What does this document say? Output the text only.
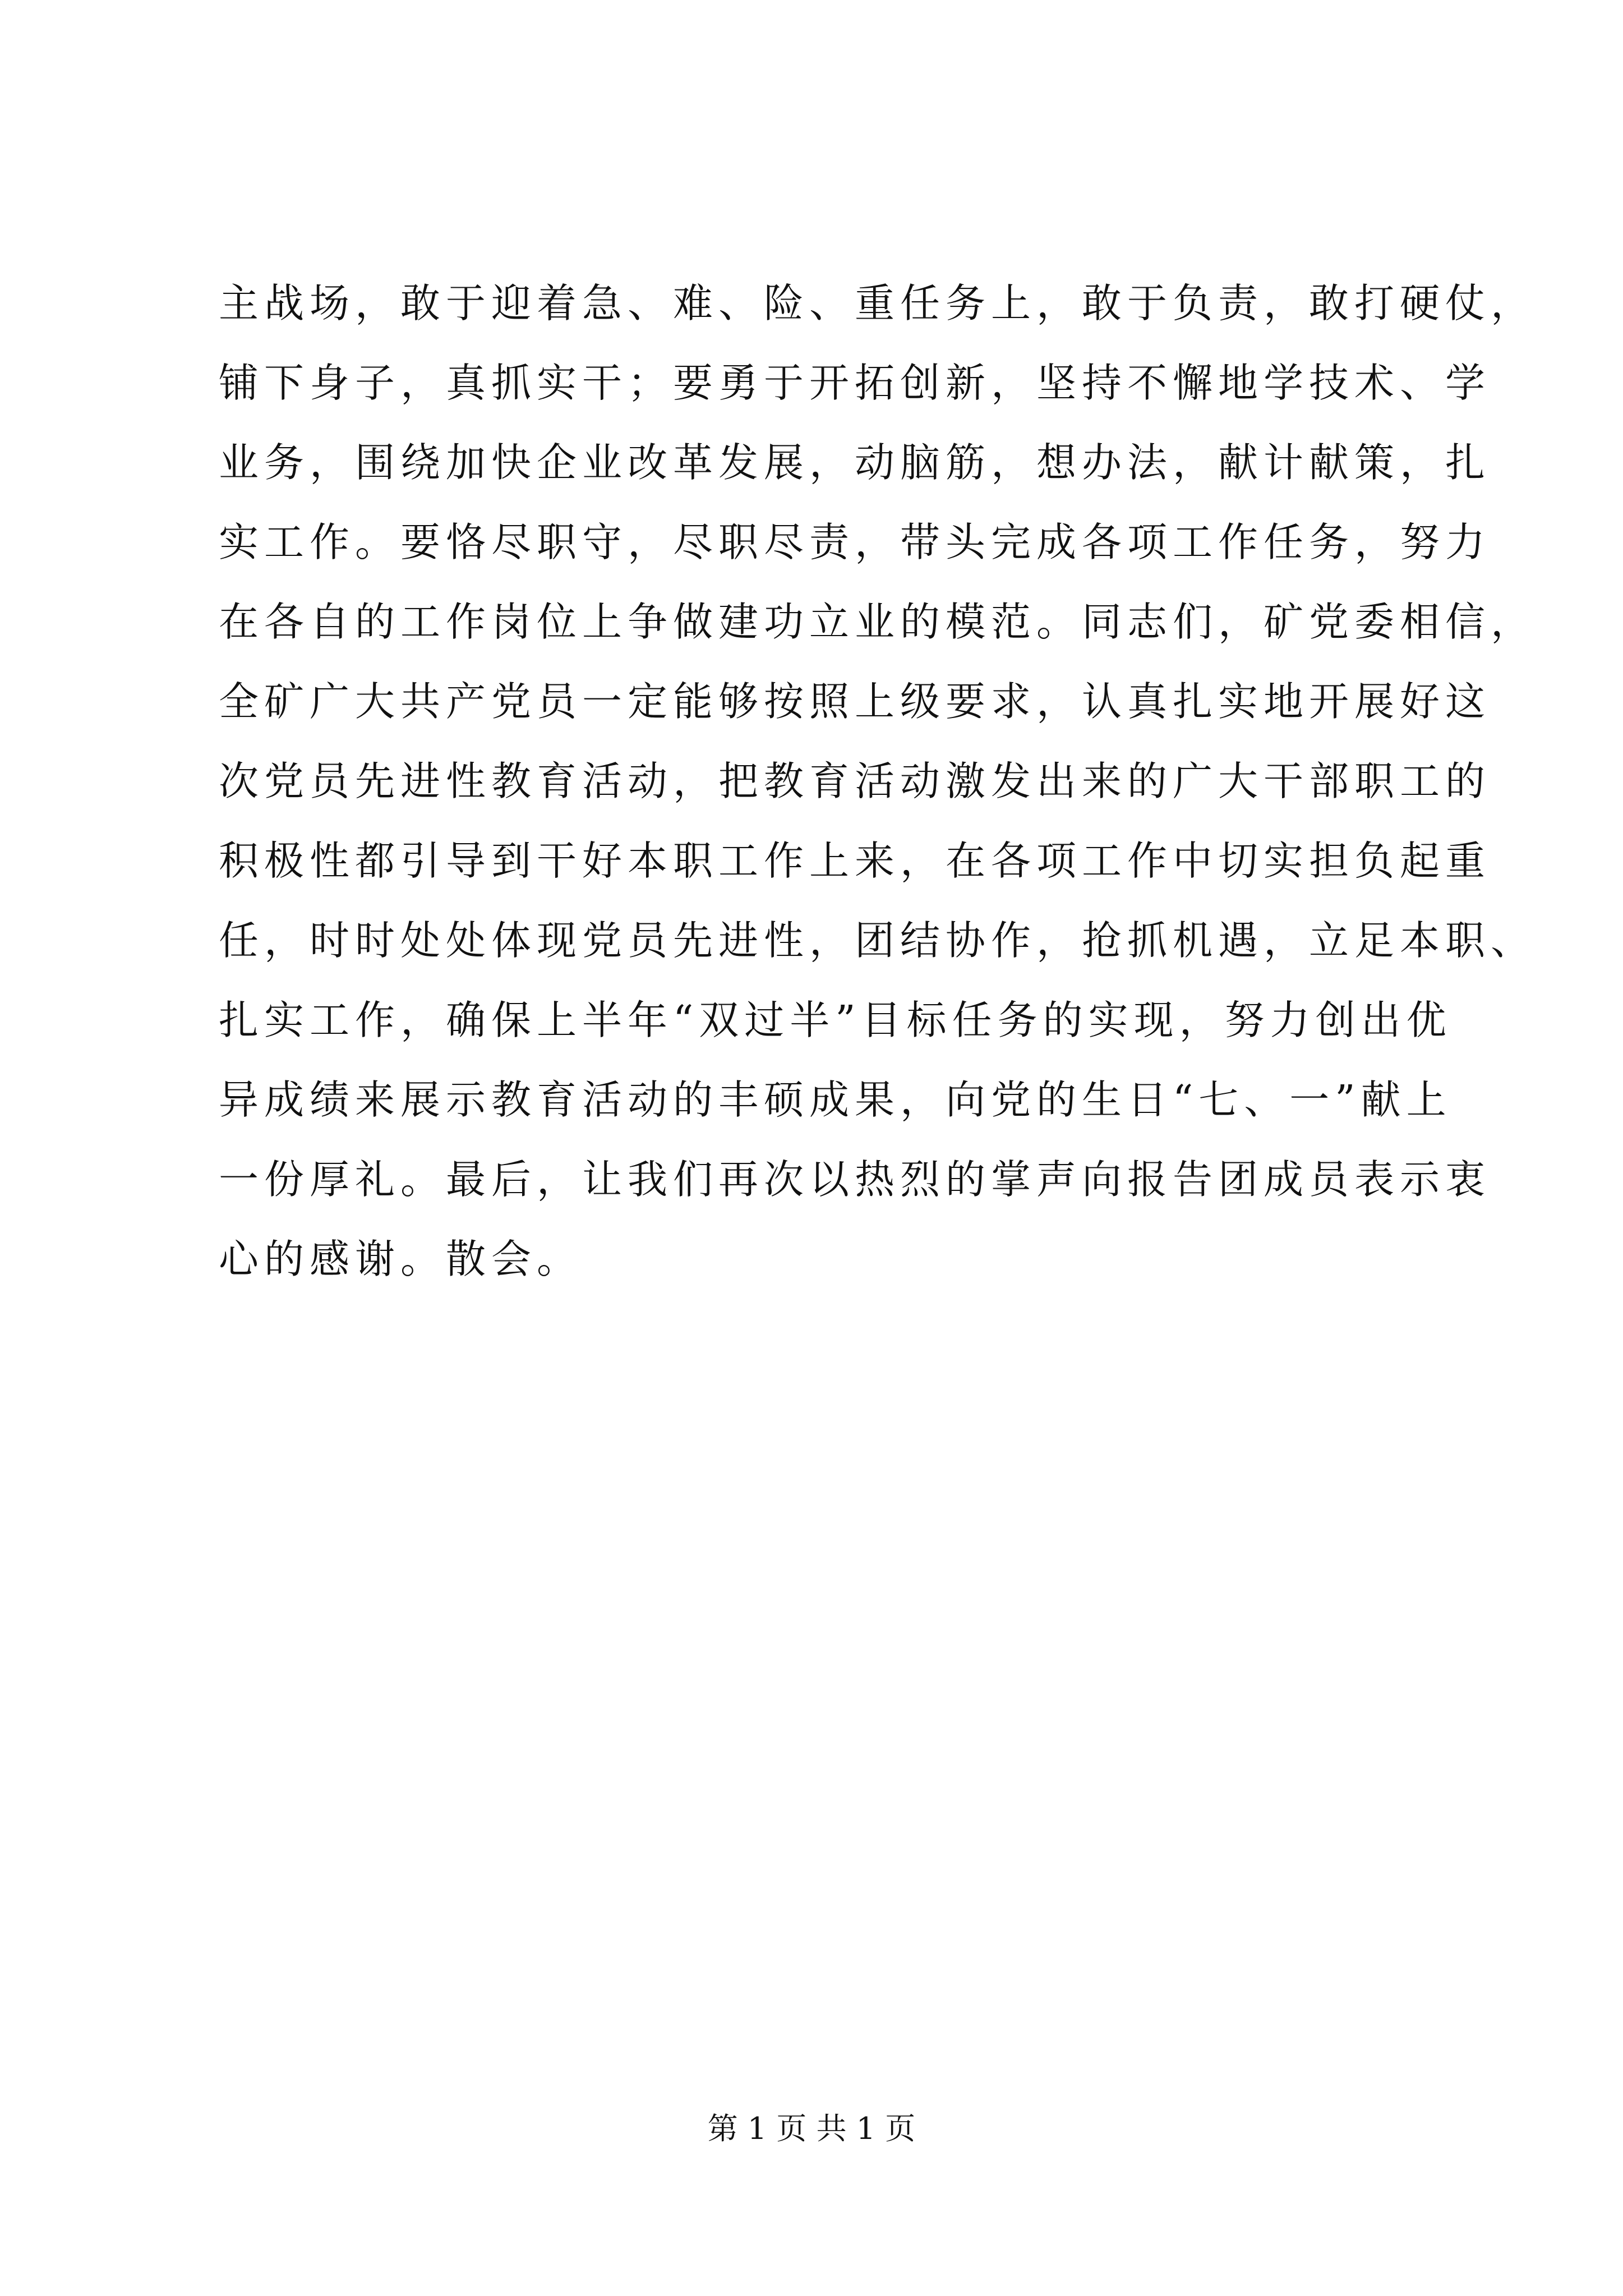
主战场，敢于迎着急、难、险、重任务上，敢于负责，敢打硬仗，
铺下身子，真抓实干；要勇于开拓创新，坚持不懈地学技术、学
业务，围绕加快企业改革发展，动脑筋，想办法，献计献策，扎
实工作。要恪尽职守，尽职尽责，带头完成各项工作任务，努力
在各自的工作岗位上争做建功立业的模范。同志们，矿党委相信，
全矿广大共产党员一定能够按照上级要求，认真扎实地开展好这
次党员先进性教育活动，把教育活动激发出来的广大干部职工的
积极性都引导到干好本职工作上来，在各项工作中切实担负起重
任，时时处处体现党员先进性，团结协作，抢抓机遇，立足本职、
扎实工作，确保上半年“双过半”目标任务的实现，努力创出优
异成绩来展示教育活动的丰硕成果，向党的生日“七、一”献上
一份厚礼。最后，让我们再次以热烈的掌声向报告团成员表示衷
心的感谢。散会。
第 1 页 共 1 页
